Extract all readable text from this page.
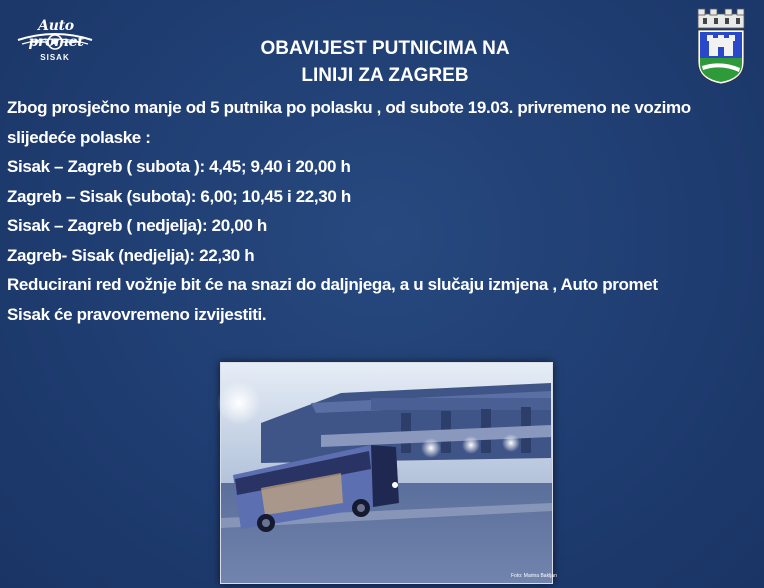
Auto promet
SISAK	OBAVIJEST PUTNICIMA NA
LINIJI ZA ZAGREB
Zbog prosječno manje od 5 putnika po polasku , od subote 19.03. privremeno ne vozimo
slijedeće polaske :
Sisak – Zagreb ( subota ): 4,45; 9,40 i 20,00 h
Zagreb – Sisak (subota): 6,00; 10,45 i 22,30 h
Sisak – Zagreb ( nedjelja): 20,00 h
Zagreb- Sisak (nedjelja): 22,30 h
Reducirani red vožnje bit će na snazi do daljnjega, a u slučaju izmjena , Auto promet
Sisak će pravovremeno izvijestiti.
Foto: Marina Bakljan
